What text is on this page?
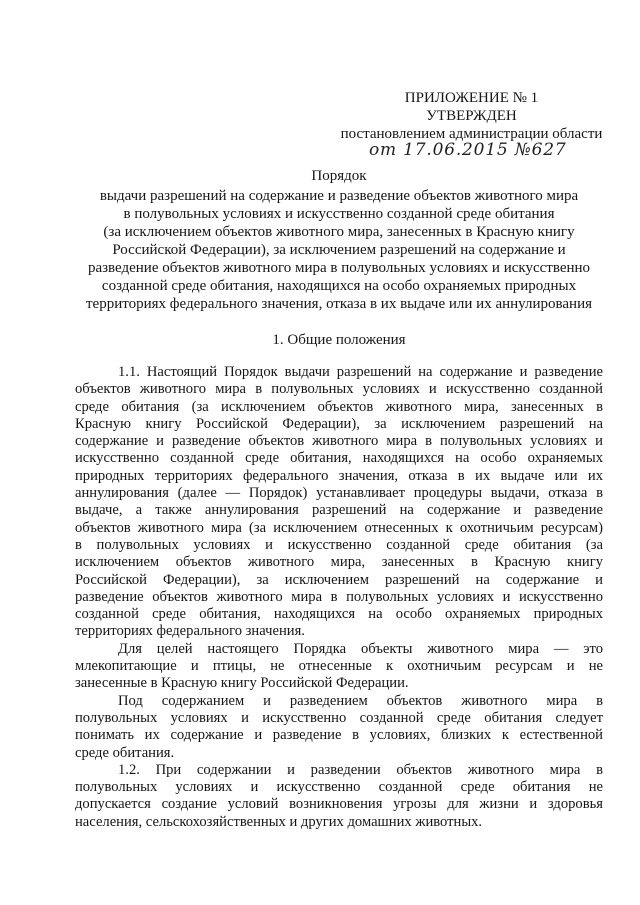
ПРИЛОЖЕНИЕ № 1
УТВЕРЖДЕН
постановлением администрации области
от 17.06.2015 №627
Порядок
выдачи разрешений на содержание и разведение объектов животного мира
в полувольных условиях и искусственно созданной среде обитания
(за исключением объектов животного мира, занесенных в Красную книгу
Российской Федерации), за исключением разрешений на содержание и
разведение объектов животного мира в полувольных условиях и искусственно
созданной среде обитания, находящихся на особо охраняемых природных
территориях федерального значения, отказа в их выдаче или их аннулирования
1. Общие положения
1.1. Настоящий Порядок выдачи разрешений на содержание и разведение
объектов животного мира в полувольных условиях и искусственно созданной
среде обитания (за исключением объектов животного мира, занесенных в
Красную книгу Российской Федерации), за исключением разрешений на
содержание и разведение объектов животного мира в полувольных условиях и
искусственно созданной среде обитания, находящихся на особо охраняемых
природных территориях федерального значения, отказа в их выдаче или их
аннулирования (далее — Порядок) устанавливает процедуры выдачи, отказа в
выдаче, а также аннулирования разрешений на содержание и разведение
объектов животного мира (за исключением отнесенных к охотничьим ресурсам)
в полувольных условиях и искусственно созданной среде обитания (за
исключением объектов животного мира, занесенных в Красную книгу
Российской Федерации), за исключением разрешений на содержание и
разведение объектов животного мира в полувольных условиях и искусственно
созданной среде обитания, находящихся на особо охраняемых природных
территориях федерального значения.
Для целей настоящего Порядка объекты животного мира — это
млекопитающие и птицы, не отнесенные к охотничьим ресурсам и не
занесенные в Красную книгу Российской Федерации.
Под содержанием и разведением объектов животного мира в
полувольных условиях и искусственно созданной среде обитания следует
понимать их содержание и разведение в условиях, близких к естественной
среде обитания.
1.2. При содержании и разведении объектов животного мира в
полувольных условиях и искусственно созданной среде обитания не
допускается создание условий возникновения угрозы для жизни и здоровья
населения, сельскохозяйственных и других домашних животных.
